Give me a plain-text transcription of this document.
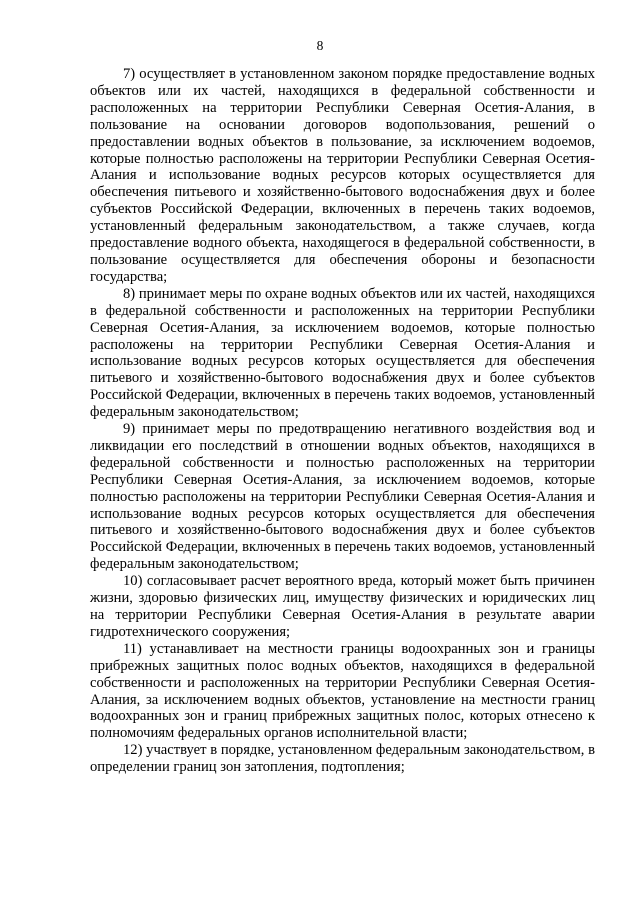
8

7) осуществляет в установленном законом порядке предоставление водных объектов или их частей, находящихся в федеральной собственности и расположенных на территории Республики Северная Осетия-Алания, в пользование на основании договоров водопользования, решений о предоставлении водных объектов в пользование, за исключением водоемов, которые полностью расположены на территории Республики Северная Осетия-Алания и использование водных ресурсов которых осуществляется для обеспечения питьевого и хозяйственно-бытового водоснабжения двух и более субъектов Российской Федерации, включенных в перечень таких водоемов, установленный федеральным законодательством, а также случаев, когда предоставление водного объекта, находящегося в федеральной собственности, в пользование осуществляется для обеспечения обороны и безопасности государства;

8) принимает меры по охране водных объектов или их частей, находящихся в федеральной собственности и расположенных на территории Республики Северная Осетия-Алания, за исключением водоемов, которые полностью расположены на территории Республики Северная Осетия-Алания и использование водных ресурсов которых осуществляется для обеспечения питьевого и хозяйственно-бытового водоснабжения двух и более субъектов Российской Федерации, включенных в перечень таких водоемов, установленный федеральным законодательством;

9) принимает меры по предотвращению негативного воздействия вод и ликвидации его последствий в отношении водных объектов, находящихся в федеральной собственности и полностью расположенных на территории Республики Северная Осетия-Алания, за исключением водоемов, которые полностью расположены на территории Республики Северная Осетия-Алания и использование водных ресурсов которых осуществляется для обеспечения питьевого и хозяйственно-бытового водоснабжения двух и более субъектов Российской Федерации, включенных в перечень таких водоемов, установленный федеральным законодательством;

10) согласовывает расчет вероятного вреда, который может быть причинен жизни, здоровью физических лиц, имуществу физических и юридических лиц на территории Республики Северная Осетия-Алания в результате аварии гидротехнического сооружения;

11) устанавливает на местности границы водоохранных зон и границы прибрежных защитных полос водных объектов, находящихся в федеральной собственности и расположенных на территории Республики Северная Осетия-Алания, за исключением водных объектов, установление на местности границ водоохранных зон и границ прибрежных защитных полос, которых отнесено к полномочиям федеральных органов исполнительной власти;

12) участвует в порядке, установленном федеральным законодательством, в определении границ зон затопления, подтопления;
